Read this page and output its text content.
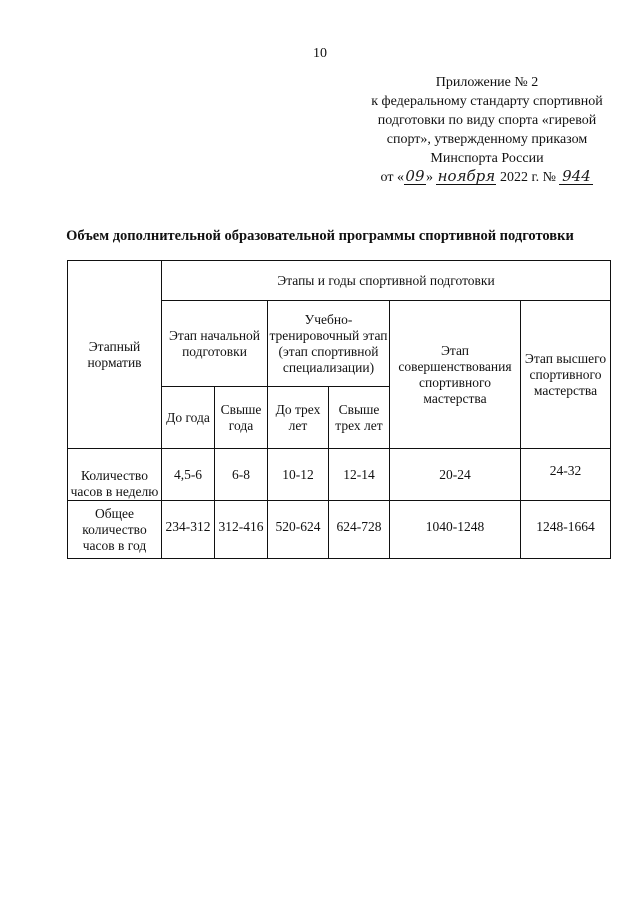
10
Приложение № 2
к федеральному стандарту спортивной
подготовки по виду спорта «гиревой
спорт», утвержденному приказом
Минспорта России
от «09» ноября 2022 г. № 944
Объем дополнительной образовательной программы спортивной подготовки
Этапный норматив	Этапы и годы спортивной подготовки					
	Этап начальной подготовки		Учебно-тренировочный этап (этап спортивной специализации)		Этап совершенствования спортивного мастерства	Этап высшего спортивного мастерства
	До года	Свыше года	До трех лет	Свыше трех лет		
Количество часов в неделю	4,5-6	6-8	10-12	12-14	20-24	24-32
Общее количество часов в год	234-312	312-416	520-624	624-728	1040-1248	1248-1664
